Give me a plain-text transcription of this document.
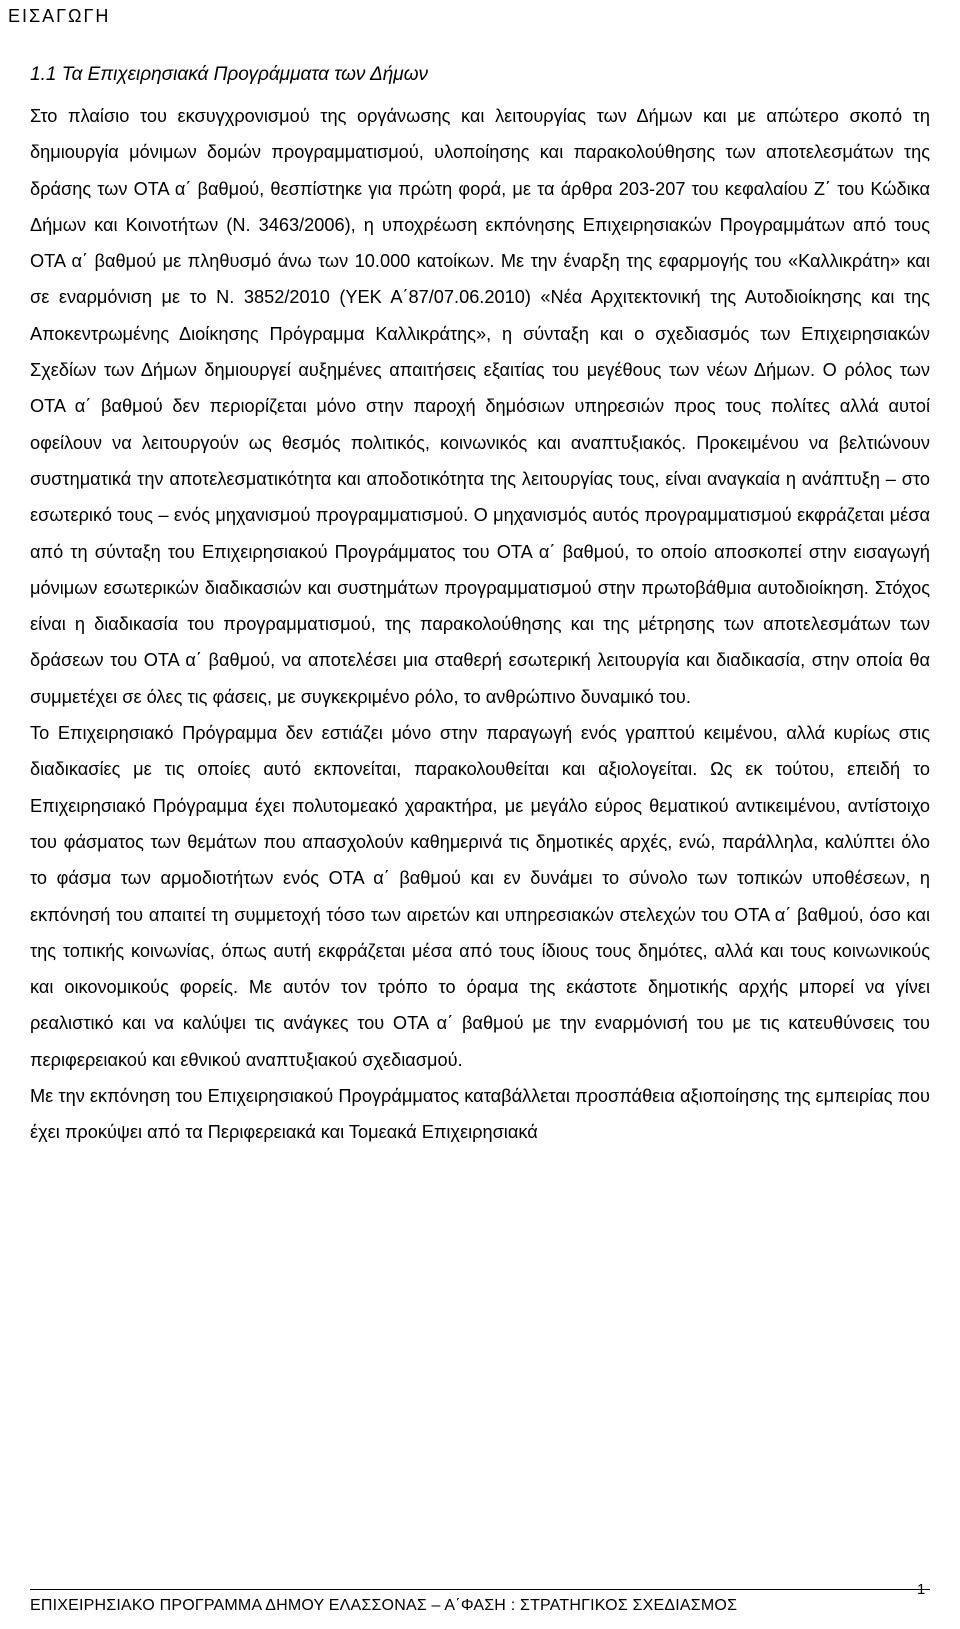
ΕΙΣΑΓΩΓΗ
1.1 Τα Επιχειρησιακά Προγράμματα των Δήμων

Στο πλαίσιο του εκσυγχρονισμού της οργάνωσης και λειτουργίας των Δήμων και με απώτερο σκοπό τη δημιουργία μόνιμων δομών προγραμματισμού, υλοποίησης και παρακολούθησης των αποτελεσμάτων της δράσης των ΟΤΑ α΄ βαθμού, θεσπίστηκε για πρώτη φορά, με τα άρθρα 203-207 του κεφαλαίου Ζ΄ του Κώδικα Δήμων και Κοινοτήτων (Ν. 3463/2006), η υποχρέωση εκπόνησης Επιχειρησιακών Προγραμμάτων από τους ΟΤΑ α΄ βαθμού με πληθυσμό άνω των 10.000 κατοίκων. Με την έναρξη της εφαρμογής του «Καλλικράτη» και σε εναρμόνιση με το Ν. 3852/2010 (ΥΕΚ Α΄87/07.06.2010) «Νέα Αρχιτεκτονική της Αυτοδιοίκησης και της Αποκεντρωμένης Διοίκησης Πρόγραμμα Καλλικράτης», η σύνταξη και ο σχεδιασμός των Επιχειρησιακών Σχεδίων των Δήμων δημιουργεί αυξημένες απαιτήσεις εξαιτίας του μεγέθους των νέων Δήμων. Ο ρόλος των ΟΤΑ α΄ βαθμού δεν περιορίζεται μόνο στην παροχή δημόσιων υπηρεσιών προς τους πολίτες αλλά αυτοί οφείλουν να λειτουργούν ως θεσμός πολιτικός, κοινωνικός και αναπτυξιακός. Προκειμένου να βελτιώνουν συστηματικά την αποτελεσματικότητα και αποδοτικότητα της λειτουργίας τους, είναι αναγκαία η ανάπτυξη – στο εσωτερικό τους – ενός μηχανισμού προγραμματισμού. Ο μηχανισμός αυτός προγραμματισμού εκφράζεται μέσα από τη σύνταξη του Επιχειρησιακού Προγράμματος του ΟΤΑ α΄ βαθμού, το οποίο αποσκοπεί στην εισαγωγή μόνιμων εσωτερικών διαδικασιών και συστημάτων προγραμματισμού στην πρωτοβάθμια αυτοδιοίκηση. Στόχος είναι η διαδικασία του προγραμματισμού, της παρακολούθησης και της μέτρησης των αποτελεσμάτων των δράσεων του ΟΤΑ α΄ βαθμού, να αποτελέσει μια σταθερή εσωτερική λειτουργία και διαδικασία, στην οποία θα συμμετέχει σε όλες τις φάσεις, με συγκεκριμένο ρόλο, το ανθρώπινο δυναμικό του.

Το Επιχειρησιακό Πρόγραμμα δεν εστιάζει μόνο στην παραγωγή ενός γραπτού κειμένου, αλλά κυρίως στις διαδικασίες με τις οποίες αυτό εκπονείται, παρακολουθείται και αξιολογείται. Ως εκ τούτου, επειδή το Επιχειρησιακό Πρόγραμμα έχει πολυτομεακό χαρακτήρα, με μεγάλο εύρος θεματικού αντικειμένου, αντίστοιχο του φάσματος των θεμάτων που απασχολούν καθημερινά τις δημοτικές αρχές, ενώ, παράλληλα, καλύπτει όλο το φάσμα των αρμοδιοτήτων ενός ΟΤΑ α΄ βαθμού και εν δυνάμει το σύνολο των τοπικών υποθέσεων, η εκπόνησή του απαιτεί τη συμμετοχή τόσο των αιρετών και υπηρεσιακών στελεχών του ΟΤΑ α΄ βαθμού, όσο και της τοπικής κοινωνίας, όπως αυτή εκφράζεται μέσα από τους ίδιους τους δημότες, αλλά και τους κοινωνικούς και οικονομικούς φορείς. Με αυτόν τον τρόπο το όραμα της εκάστοτε δημοτικής αρχής μπορεί να γίνει ρεαλιστικό και να καλύψει τις ανάγκες του ΟΤΑ α΄ βαθμού με την εναρμόνισή του με τις κατευθύνσεις του περιφερειακού και εθνικού αναπτυξιακού σχεδιασμού.

Με την εκπόνηση του Επιχειρησιακού Προγράμματος καταβάλλεται προσπάθεια αξιοποίησης της εμπειρίας που έχει προκύψει από τα Περιφερειακά και Τομεακά Επιχειρησιακά

ΕΠΙΧΕΙΡΗΣΙΑΚΟ ΠΡΟΓΡΑΜΜΑ ΔΗΜΟΥ ΕΛΑΣΣΟΝΑΣ – Α΄ΦΑΣΗ : ΣΤΡΑΤΗΓΙΚΟΣ ΣΧΕΔΙΑΣΜΟΣ
1
